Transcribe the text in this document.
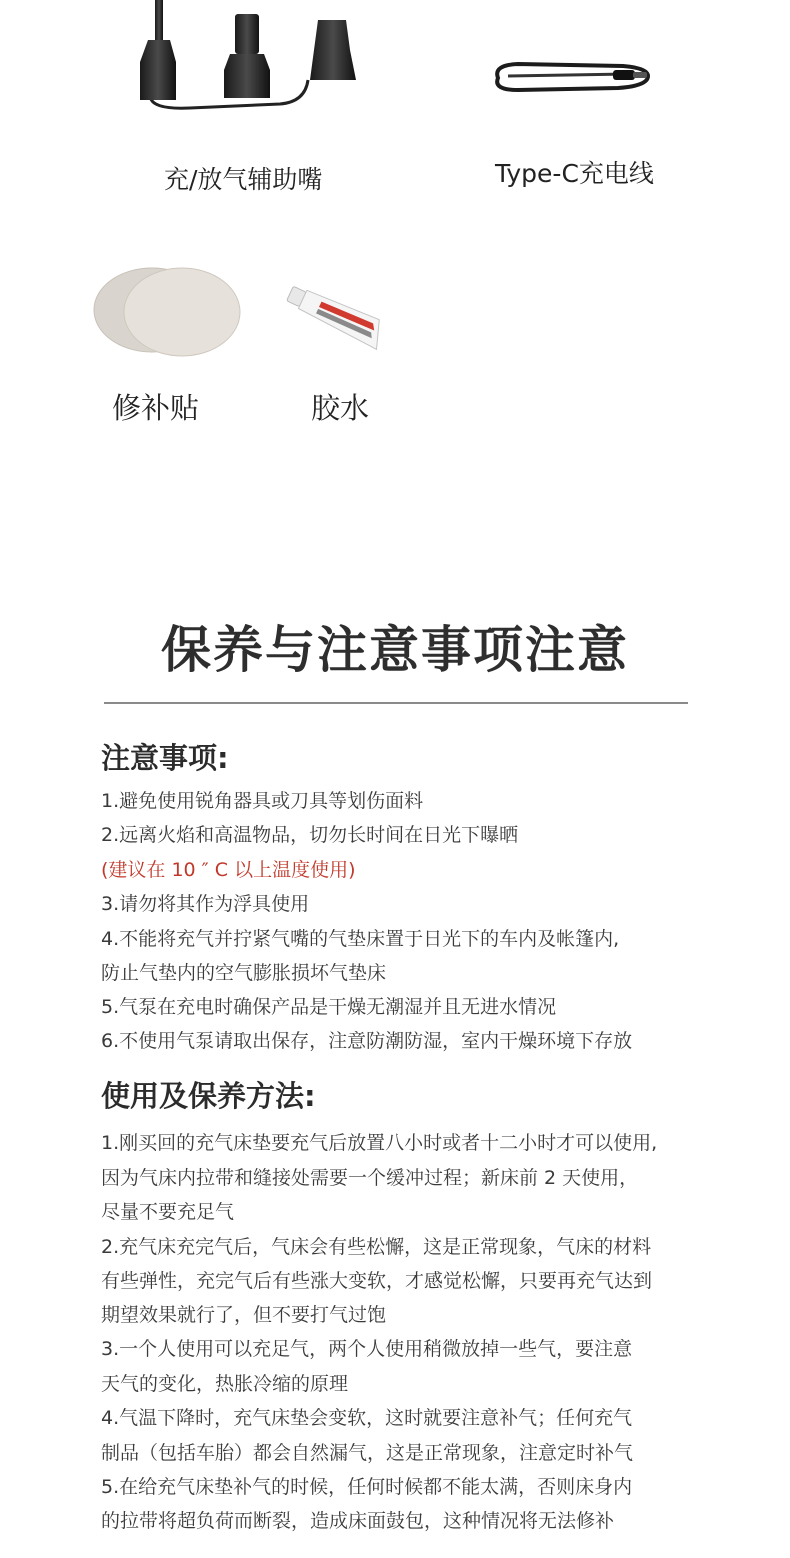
充/放气辅助嘴	Type-C充电线
修补贴	胶水
保养与注意事项注意
注意事项:
1.避免使用锐角器具或刀具等划伤面料
2.远离火焰和高温物品，切勿长时间在日光下曝晒
(建议在 10 ″ C 以上温度使用)
3.请勿将其作为浮具使用
4.不能将充气并拧紧气嘴的气垫床置于日光下的车内及帐篷内,
防止气垫内的空气膨胀损坏气垫床
5.气泵在充电时确保产品是干燥无潮湿并且无进水情况
6.不使用气泵请取出保存，注意防潮防湿，室内干燥环境下存放
使用及保养方法:
1.刚买回的充气床垫要充气后放置八小时或者十二小时才可以使用,
因为气床内拉带和缝接处需要一个缓冲过程；新床前 2 天使用，
尽量不要充足气
2.充气床充完气后，气床会有些松懈，这是正常现象，气床的材料
有些弹性，充完气后有些涨大变软，才感觉松懈，只要再充气达到
期望效果就行了，但不要打气过饱
3.一个人使用可以充足气，两个人使用稍微放掉一些气，要注意
天气的变化，热胀冷缩的原理
4.气温下降时，充气床垫会变软，这时就要注意补气；任何充气
制品（包括车胎）都会自然漏气，这是正常现象，注意定时补气
5.在给充气床垫补气的时候，任何时候都不能太满，否则床身内
的拉带将超负荷而断裂，造成床面鼓包，这种情况将无法修补
